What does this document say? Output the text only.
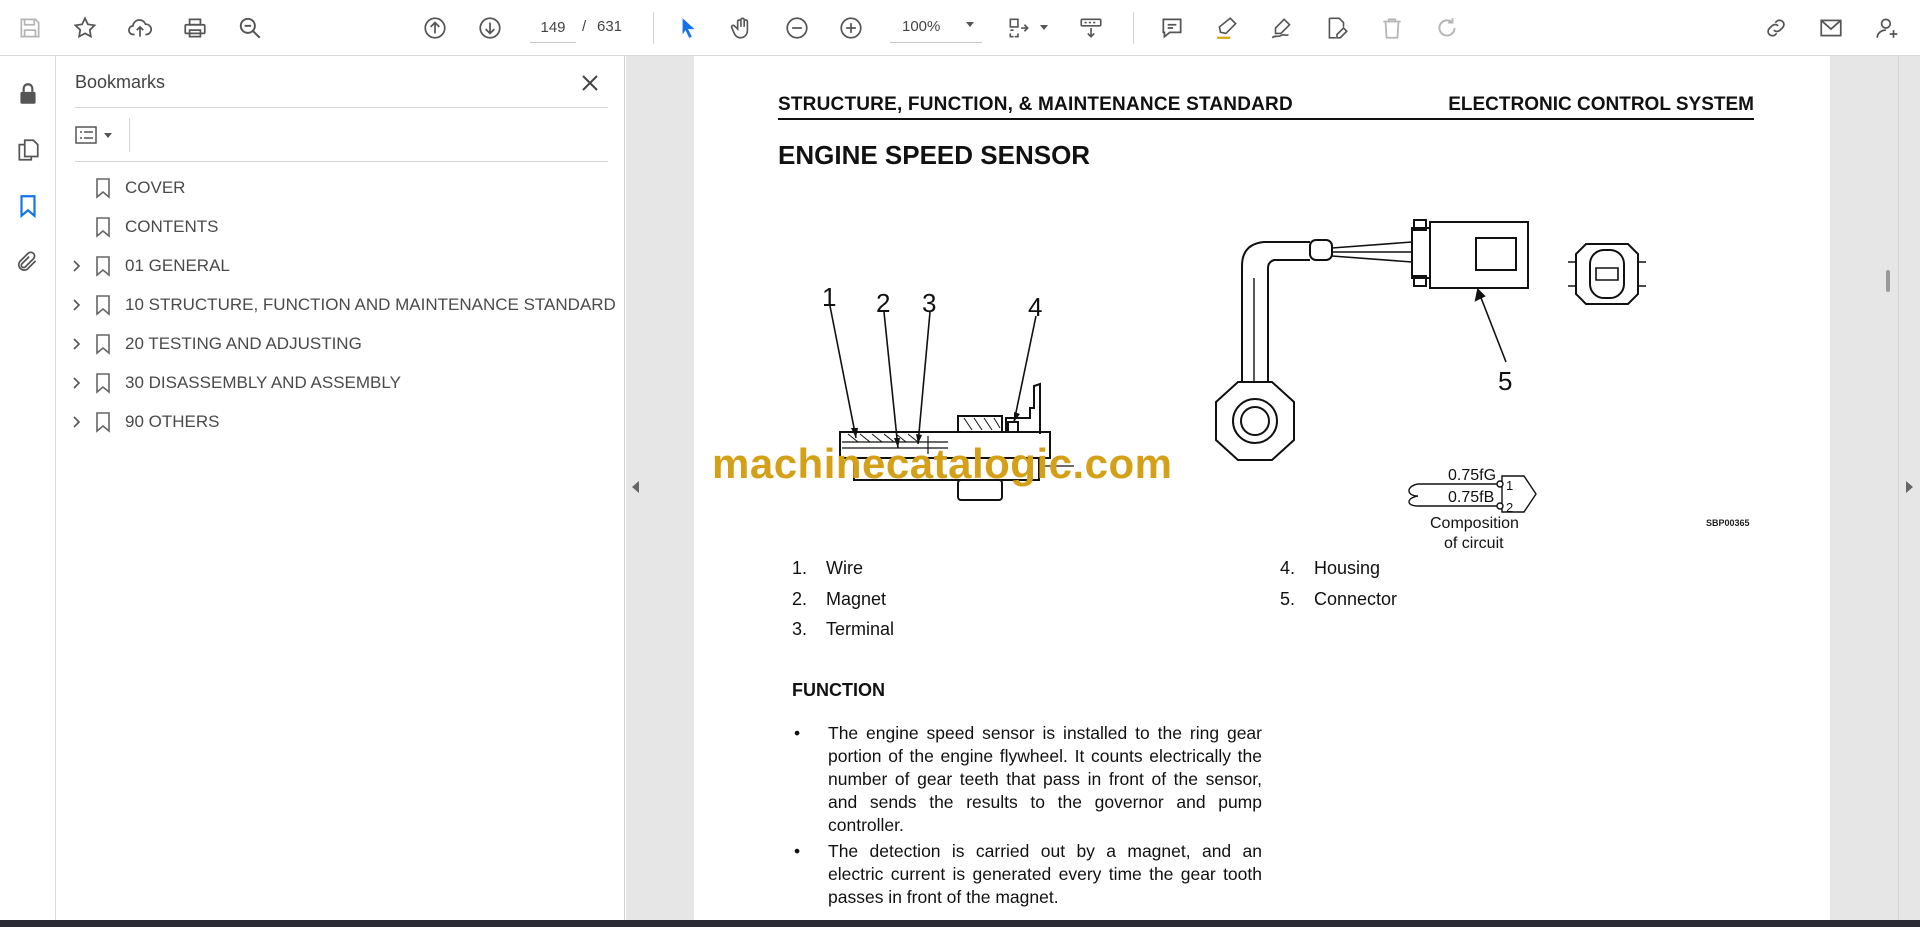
149
/ 631	100%
Bookmarks
COVER
CONTENTS
01 GENERAL
10 STRUCTURE, FUNCTION AND MAINTENANCE STANDARD
20 TESTING AND ADJUSTING
30 DISASSEMBLY AND ASSEMBLY
90 OTHERS
STRUCTURE, FUNCTION, & MAINTENANCE STANDARD	ELECTRONIC CONTROL SYSTEM
ENGINE SPEED SENSOR
1 2 3	4
5
0.75fG
0.75fB
1
2
Composition
of circuit
machinecatalogic.com
SBP00365
1.	Wire
2.	Magnet
3.	Terminal
4.	Housing
5.	Connector
FUNCTION
•	The engine speed sensor is installed to the ring gear portion of the engine flywheel. It counts electrically the number of gear teeth that pass in front of the sensor, and sends the results to the governor and pump controller.
•	The detection is carried out by a magnet, and an electric current is generated every time the gear tooth passes in front of the magnet.
